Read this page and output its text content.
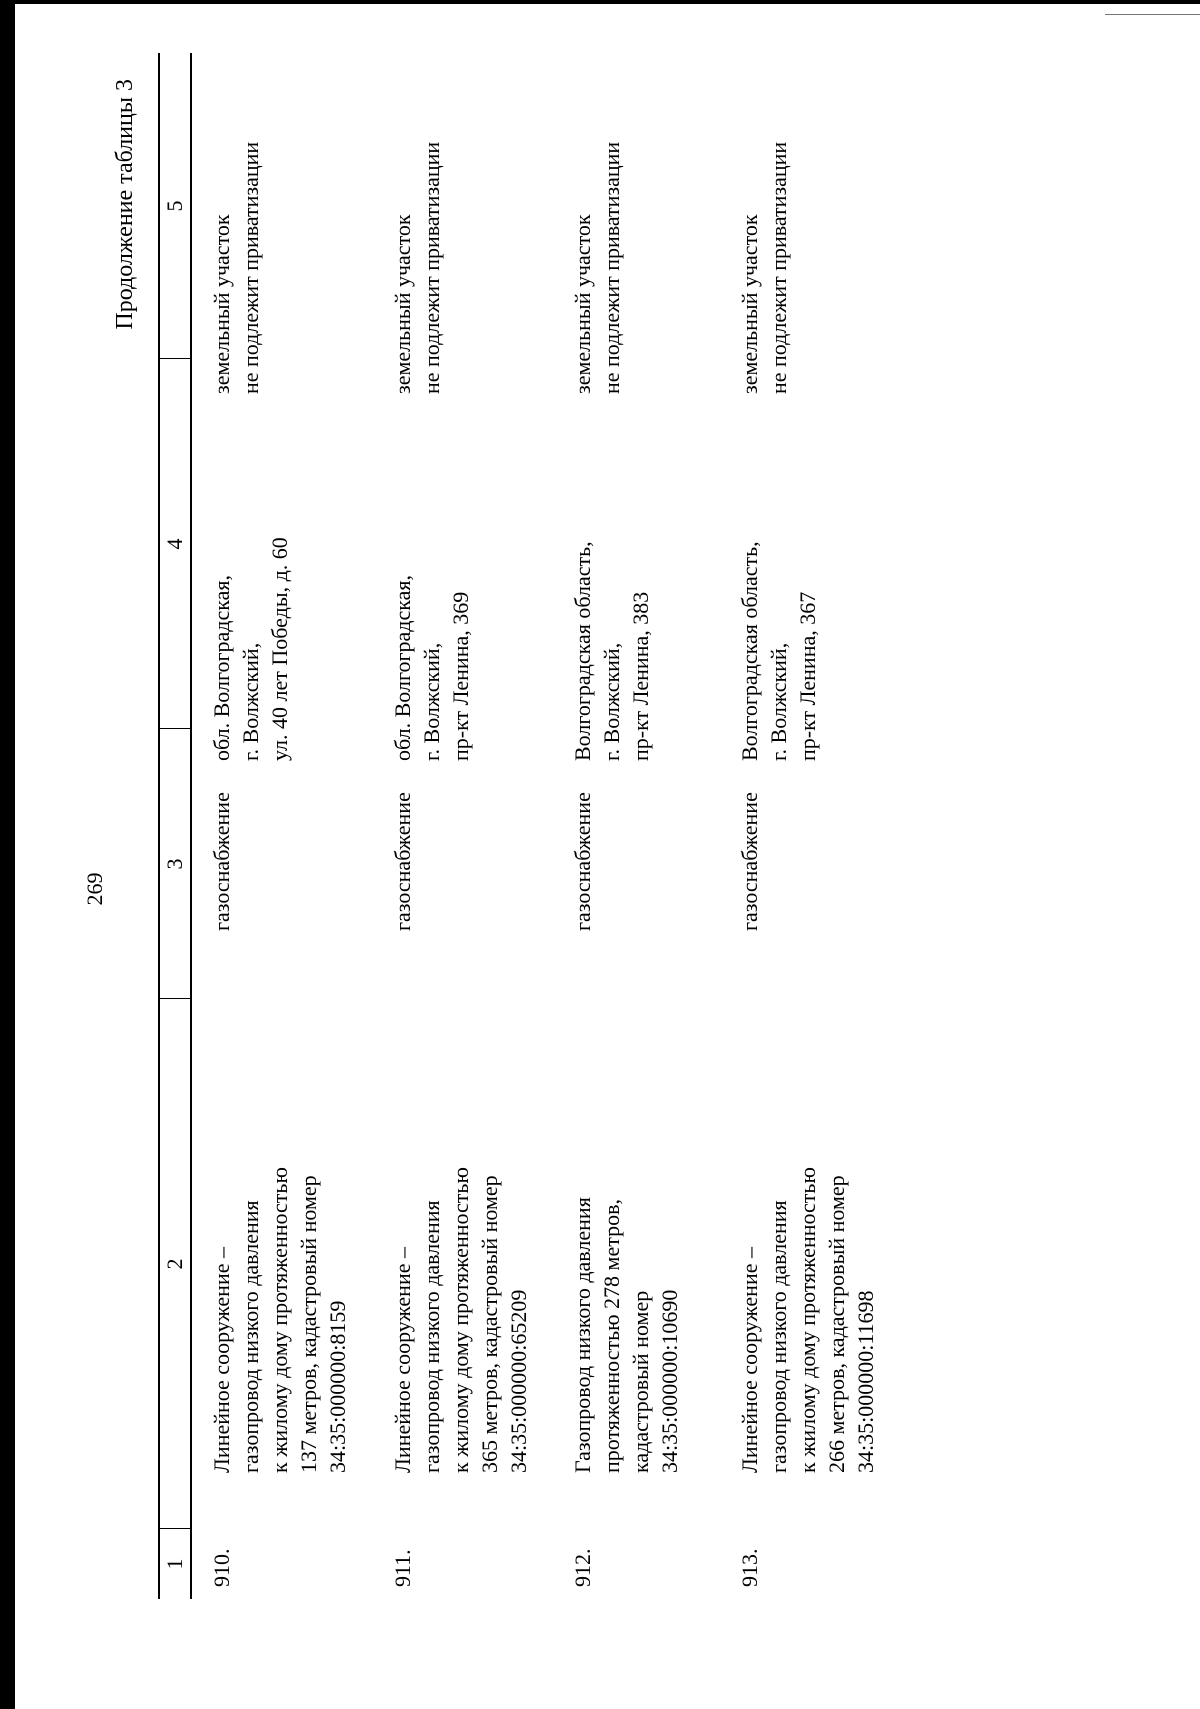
269
Продолжение таблицы 3
1
2
3
4
5
910.
Линейное сооружение – газопровод низкого давления к жилому дому протяженностью 137 метров, кадастровый номер 34:35:000000:8159
газоснабжение
обл. Волгоградская, г. Волжский, ул. 40 лет Победы, д. 60
земельный участок не подлежит приватизации
911.
Линейное сооружение – газопровод низкого давления к жилому дому протяженностью 365 метров, кадастровый номер 34:35:000000:65209
газоснабжение
обл. Волгоградская, г. Волжский, пр-кт Ленина, 369
земельный участок не подлежит приватизации
912.
Газопровод низкого давления протяженностью 278 метров, кадастровый номер 34:35:000000:10690
газоснабжение
Волгоградская область, г. Волжский, пр-кт Ленина, 383
земельный участок не подлежит приватизации
913.
Линейное сооружение – газопровод низкого давления к жилому дому протяженностью 266 метров, кадастровый номер 34:35:000000:11698
газоснабжение
Волгоградская область, г. Волжский, пр-кт Ленина, 367
земельный участок не подлежит приватизации
